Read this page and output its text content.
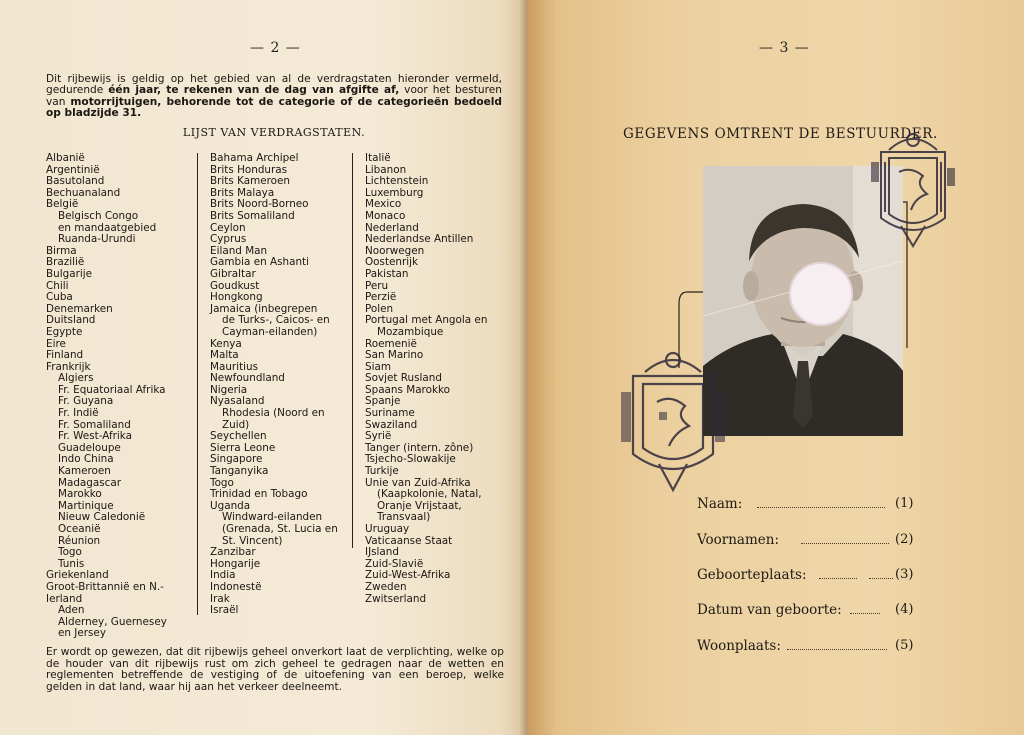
— 2 —
Dit rijbewijs is geldig op het gebied van al de verdragstaten hieronder vermeld, gedurende één jaar, te rekenen van de dag van afgifte af, voor het besturen van motorrijtuigen, behorende tot de categorie of de categorieën bedoeld op bladzijde 31.
LIJST VAN VERDRAGSTATEN.
Albanië
Argentinië
Basutoland
Bechuanaland
België
Belgisch Congo
en mandaatgebied
Ruanda-Urundi
Birma
Brazilië
Bulgarije
Chili
Cuba
Denemarken
Duitsland
Egypte
Eire
Finland
Frankrijk
Algiers
Fr. Equatoriaal Afrika
Fr. Guyana
Fr. Indië
Fr. Somaliland
Fr. West-Afrika
Guadeloupe
Indo China
Kameroen
Madagascar
Marokko
Martinique
Nieuw Caledonië
Oceanië
Réunion
Togo
Tunis
Griekenland
Groot-Brittannië en N.-
Ierland
Aden
Alderney, Guernesey
en Jersey
Bahama Archipel
Brits Honduras
Brits Kameroen
Brits Malaya
Brits Noord-Borneo
Brits Somaliland
Ceylon
Cyprus
Eiland Man
Gambia en Ashanti
Gibraltar
Goudkust
Hongkong
Jamaica (inbegrepen
de Turks-, Caicos- en
Cayman-eilanden)
Kenya
Malta
Mauritius
Newfoundland
Nigeria
Nyasaland
Rhodesia (Noord en
Zuid)
Seychellen
Sierra Leone
Singapore
Tanganyika
Togo
Trinidad en Tobago
Uganda
Windward-eilanden
(Grenada, St. Lucia en
St. Vincent)
Zanzibar
Hongarije
India
Indonestë
Irak
Israël
Italië
Libanon
Lichtenstein
Luxemburg
Mexico
Monaco
Nederland
Nederlandse Antillen
Noorwegen
Oostenrijk
Pakistan
Peru
Perzië
Polen
Portugal met Angola en
Mozambique
Roemenië
San Marino
Siam
Sovjet Rusland
Spaans Marokko
Spanje
Suriname
Swaziland
Syrië
Tanger (intern. zône)
Tsjecho-Slowakije
Turkije
Unie van Zuid-Afrika
(Kaapkolonie, Natal,
Oranje Vrijstaat,
Transvaal)
Uruguay
Vaticaanse Staat
IJsland
Zuid-Slavië
Zuid-West-Afrika
Zweden
Zwitserland
Er wordt op gewezen, dat dit rijbewijs geheel onverkort laat de verplichting, welke op de houder van dit rijbewijs rust om zich geheel te gedragen naar de wetten en reglementen betreffende de vestiging of de uitoefening van een beroep, welke gelden in dat land, waar hij aan het verkeer deelneemt.
— 3 —
GEGEVENS OMTRENT DE BESTUURDER.
Naam:	(1)
Voornamen:	(2)
Geboorteplaats:	(3)
Datum van geboorte:	(4)
Woonplaats:	(5)
